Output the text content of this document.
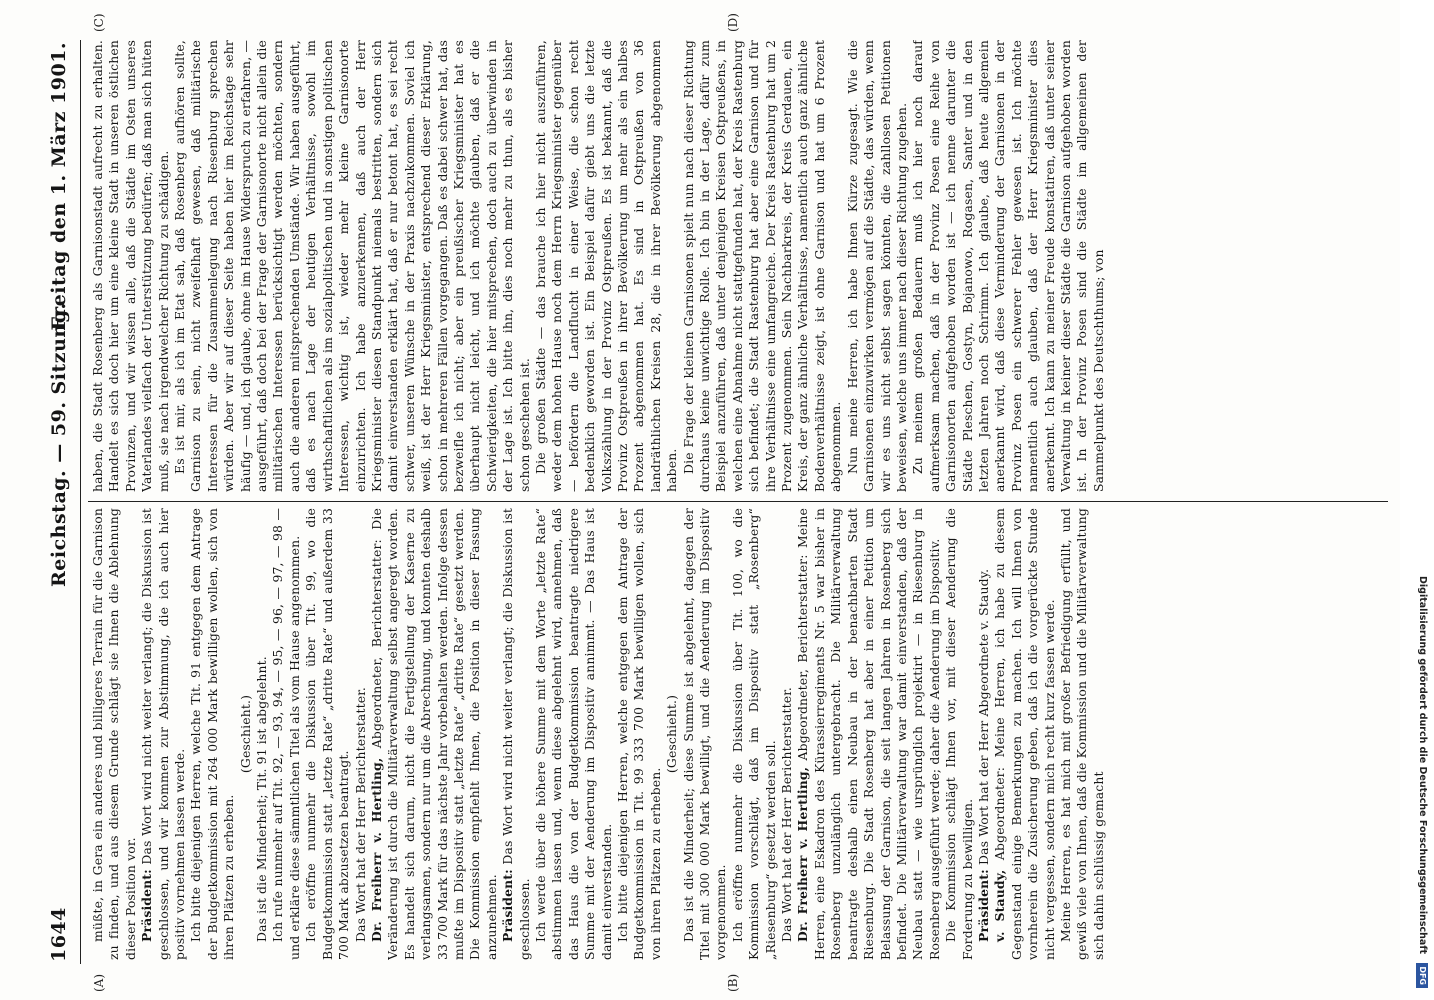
1644
Reichstag. — 59. Sitzung.
Freitag den 1. März 1901.
(A)	(B)
(C)	(D)

müßte, in Gera ein anderes und billigeres Terrain für die Garnison zu finden, und aus diesem Grunde schlägt sie Ihnen die Ablehnung dieser Position vor. Präsident: Das Wort wird nicht weiter verlangt; die Diskussion ist geschlossen, und wir kommen zur Abstimmung, die ich auch hier positiv vornehmen lassen werde. Ich bitte diejenigen Herren, welche Tit. 91 entgegen dem Antrage der Budgetkommission mit 264 000 Mark bewilligen wollen, sich von ihren Plätzen zu erheben.

(Geschieht.) Das ist die Minderheit; Tit. 91 ist abgelehnt. Ich rufe nunmehr auf Tit. 92, — 93, 94, — 95, — 96, — 97, — 98 — und erkläre diese sämmtlichen Titel als vom Hause angenommen. Ich eröffne nunmehr die Diskussion über Tit. 99, wo die Budgetkommission statt „letzte Rate“ „dritte Rate“ und außerdem 33 700 Mark abzusetzen beantragt. Das Wort hat der Herr Berichterstatter. Dr. Freiherr v. Hertling, Abgeordneter, Berichterstatter: Die Veränderung ist durch die Militärverwaltung selbst angeregt worden. Es handelt sich darum, nicht die Fertigstellung der Kaserne zu verlangsamen, sondern nur um die Abrechnung, und konnten deshalb 33 700 Mark für das nächste Jahr vorbehalten werden. Infolge dessen mußte im Dispositiv statt „letzte Rate“ „dritte Rate“ gesetzt werden. Die Kommission empfiehlt Ihnen, die Position in dieser Fassung anzunehmen. Präsident: Das Wort wird nicht weiter verlangt; die Diskussion ist geschlossen. Ich werde über die höhere Summe mit dem Worte „letzte Rate“ abstimmen lassen und, wenn diese abgelehnt wird, annehmen, daß das Haus die von der Budgetkommission beantragte niedrigere Summe mit der Aenderung im Dispositiv annimmt. — Das Haus ist damit einverstanden. Ich bitte diejenigen Herren, welche entgegen dem Antrage der Budgetkommission in Tit. 99 333 700 Mark bewilligen wollen, sich von ihren Plätzen zu erheben.

(Geschieht.) Das ist die Minderheit; diese Summe ist abgelehnt, dagegen der Titel mit 300 000 Mark bewilligt, und die Aenderung im Dispositiv vorgenommen. Ich eröffne nunmehr die Diskussion über Tit. 100, wo die Kommission vorschlägt, daß im Dispositiv statt „Rosenberg“ „Riesenburg“ gesetzt werden soll. Das Wort hat der Herr Berichterstatter. Dr. Freiherr v. Hertling, Abgeordneter, Berichterstatter: Meine Herren, eine Eskadron des Kürassierregiments Nr. 5 war bisher in Rosenberg unzulänglich untergebracht. Die Militärverwaltung beantragte deshalb einen Neubau in der benachbarten Stadt Riesenburg. Die Stadt Rosenberg hat aber in einer Petition um Belassung der Garnison, die seit langen Jahren in Rosenberg sich befindet. Die Militärverwaltung war damit einverstanden, daß der Neubau statt — wie ursprünglich projektirt — in Riesenburg in Rosenberg ausgeführt werde; daher die Aenderung im Dispositiv. Die Kommission schlägt Ihnen vor, mit dieser Aenderung die Forderung zu bewilligen. Präsident: Das Wort hat der Herr Abgeordnete v. Staudy.

v. Staudy, Abgeordneter: Meine Herren, ich habe zu diesem Gegenstand einige Bemerkungen zu machen. Ich will Ihnen von vornherein die Zusicherung geben, daß ich die vorgerückte Stunde nicht vergessen, sondern mich recht kurz fassen werde. Meine Herren, es hat mich mit großer Befriedigung erfüllt, und gewiß viele von Ihnen, daß die Kommission und die Militärverwaltung sich dahin schlüssig gemacht

haben, die Stadt Rosenberg als Garnisonstadt aufrecht zu erhalten. Handelt es sich doch hier um eine kleine Stadt in unseren östlichen Provinzen, und wir wissen alle, daß die Städte im Osten unseres Vaterlandes vielfach der Unterstützung bedürfen; daß man sich hüten muß, sie nach irgendwelcher Richtung zu schädigen. Es ist mir, als ich im Etat sah, daß Rosenberg aufhören sollte, Garnison zu sein, nicht zweifelhaft gewesen, daß militärische Interessen für die Zusammenlegung nach Riesenburg sprechen würden. Aber wir auf dieser Seite haben hier im Reichstage sehr häufig — und, ich glaube, ohne im Hause Widerspruch zu erfahren, — ausgeführt, daß doch bei der Frage der Garnisonorte nicht allein die militärischen Interessen berücksichtigt werden möchten, sondern auch die anderen mitsprechenden Umstände. Wir haben ausgeführt, daß es nach Lage der heutigen Verhältnisse, sowohl im wirthschaftlichen als im sozialpolitischen und in sonstigen politischen Interessen, wichtig ist, wieder mehr kleine Garnisonorte einzurichten. Ich habe anzuerkennen, daß auch der Herr Kriegsminister diesen Standpunkt niemals bestritten, sondern sich damit einverstanden erklärt hat, daß er nur betont hat, es sei recht schwer, unseren Wünsche in der Praxis nachzukommen. Soviel ich weiß, ist der Herr Kriegsminister, entsprechend dieser Erklärung, schon in mehreren Fällen vorgegangen. Daß es dabei schwer hat, das bezweifle ich nicht; aber ein preußischer Kriegsminister hat es überhaupt nicht leicht, und ich möchte glauben, daß er die Schwierigkeiten, die hier mitsprechen, doch auch zu überwinden in der Lage ist. Ich bitte ihn, dies noch mehr zu thun, als es bisher schon geschehen ist. Die großen Städte — das brauche ich hier nicht auszuführen, weder dem hohen Hause noch dem Herrn Kriegsminister gegenüber — befördern die Landflucht in einer Weise, die schon recht bedenklich geworden ist. Ein Beispiel dafür giebt uns die letzte Volkszählung in der Provinz Ostpreußen. Es ist bekannt, daß die Provinz Ostpreußen in ihrer Bevölkerung um mehr als ein halbes Prozent abgenommen hat. Es sind in Ostpreußen von 36 landräthlichen Kreisen 28, die in ihrer Bevölkerung abgenommen haben. Die Frage der kleinen Garnisonen spielt nun nach dieser Richtung durchaus keine unwichtige Rolle. Ich bin in der Lage, dafür zum Beispiel anzuführen, daß unter denjenigen Kreisen Ostpreußens, in welchen eine Abnahme nicht stattgefunden hat, der Kreis Rastenburg sich befindet; die Stadt Rastenburg hat aber eine Garnison und für ihre Verhältnisse eine umfangreiche. Der Kreis Rastenburg hat um 2 Prozent zugenommen. Sein Nachbarkreis, der Kreis Gerdauen, ein Kreis, der ganz ähnliche Verhältnisse, namentlich auch ganz ähnliche Bodenverhältnisse zeigt, ist ohne Garnison und hat um 6 Prozent abgenommen. Nun meine Herren, ich habe Ihnen Kürze zugesagt. Wie die Garnisonen einzuwirken vermögen auf die Städte, das würden, wenn wir es uns nicht selbst sagen könnten, die zahllosen Petitionen beweisen, welche uns immer nach dieser Richtung zugehen. Zu meinem großen Bedauern muß ich hier noch darauf aufmerksam machen, daß in der Provinz Posen eine Reihe von Garnisonorten aufgehoben worden ist — ich nenne darunter die Städte Pleschen, Gostyn, Bojanowo, Rogasen, Santer und in den letzten Jahren noch Schrimm. Ich glaube, daß heute allgemein anerkannt wird, daß diese Verminderung der Garnisonen in der Provinz Posen ein schwerer Fehler gewesen ist. Ich möchte namentlich auch glauben, daß der Herr Kriegsminister dies anerkennt. Ich kann zu meiner Freude konstatiren, daß unter seiner Verwaltung in keiner dieser Städte die Garnison aufgehoben worden ist. In der Provinz Posen sind die Städte im allgemeinen der Sammelpunkt des Deutschthums; von

Digitalisierung gefördert durch die Deutsche Forschungsgemeinschaft DFG
